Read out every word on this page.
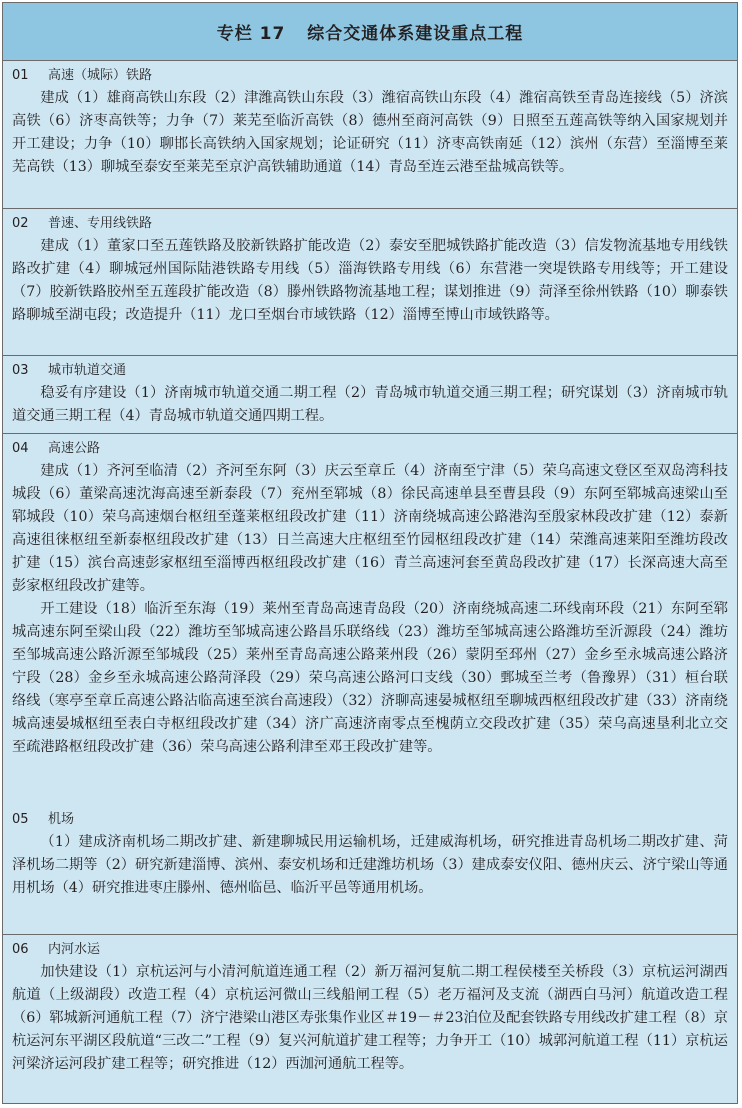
专栏 17 综合交通体系建设重点工程
01 高速（城际）铁路

建成（1）雄商高铁山东段（2）津潍高铁山东段（3）潍宿高铁山东段（4）潍宿高铁至青岛连接线（5）济滨高铁（6）济枣高铁等；力争（7）莱芜至临沂高铁（8）德州至商河高铁（9）日照至五莲高铁等纳入国家规划并开工建设；力争（10）聊邯长高铁纳入国家规划；论证研究（11）济枣高铁南延（12）滨州（东营）至淄博至莱芜高铁（13）聊城至泰安至莱芜至京沪高铁辅助通道（14）青岛至连云港至盐城高铁等。

02 普速、专用线铁路

建成（1）董家口至五莲铁路及胶新铁路扩能改造（2）泰安至肥城铁路扩能改造（3）信发物流基地专用线铁路改扩建（4）聊城冠州国际陆港铁路专用线（5）淄海铁路专用线（6）东营港一突堤铁路专用线等；开工建设（7）胶新铁路胶州至五莲段扩能改造（8）滕州铁路物流基地工程；谋划推进（9）菏泽至徐州铁路（10）聊泰铁路聊城至湖屯段；改造提升（11）龙口至烟台市域铁路（12）淄博至博山市域铁路等。

03 城市轨道交通

稳妥有序建设（1）济南城市轨道交通二期工程（2）青岛城市轨道交通三期工程；研究谋划（3）济南城市轨道交通三期工程（4）青岛城市轨道交通四期工程。

04 高速公路

建成（1）齐河至临清（2）齐河至东阿（3）庆云至章丘（4）济南至宁津（5）荣乌高速文登区至双岛湾科技城段（6）董梁高速沈海高速至新泰段（7）兖州至郓城（8）徐民高速单县至曹县段（9）东阿至郓城高速梁山至郓城段（10）荣乌高速烟台枢纽至蓬莱枢纽段改扩建（11）济南绕城高速公路港沟至殷家林段改扩建（12）泰新高速徂徕枢纽至新泰枢纽段改扩建（13）日兰高速大庄枢纽至竹园枢纽段改扩建（14）荣潍高速莱阳至潍坊段改扩建（15）滨台高速彭家枢纽至淄博西枢纽段改扩建（16）青兰高速河套至黄岛段改扩建（17）长深高速大高至彭家枢纽段改扩建等。

开工建设（18）临沂至东海（19）莱州至青岛高速青岛段（20）济南绕城高速二环线南环段（21）东阿至郓城高速东阿至梁山段（22）潍坊至邹城高速公路昌乐联络线（23）潍坊至邹城高速公路潍坊至沂源段（24）潍坊至邹城高速公路沂源至邹城段（25）莱州至青岛高速公路莱州段（26）蒙阴至邳州（27）金乡至永城高速公路济宁段（28）金乡至永城高速公路菏泽段（29）荣乌高速公路河口支线（30）鄄城至兰考（鲁豫界）（31）桓台联络线（寒亭至章丘高速公路沾临高速至滨台高速段）（32）济聊高速晏城枢纽至聊城西枢纽段改扩建（33）济南绕城高速晏城枢纽至表白寺枢纽段改扩建（34）济广高速济南零点至槐荫立交段改扩建（35）荣乌高速垦利北立交至疏港路枢纽段改扩建（36）荣乌高速公路利津至邓王段改扩建等。

05 机场

（1）建成济南机场二期改扩建、新建聊城民用运输机场，迁建威海机场，研究推进青岛机场二期改扩建、菏泽机场二期等（2）研究新建淄博、滨州、泰安机场和迁建潍坊机场（3）建成泰安仪阳、德州庆云、济宁梁山等通用机场（4）研究推进枣庄滕州、德州临邑、临沂平邑等通用机场。

06 内河水运

加快建设（1）京杭运河与小清河航道连通工程（2）新万福河复航二期工程侯楼至关桥段（3）京杭运河湖西航道（上级湖段）改造工程（4）京杭运河微山三线船闸工程（5）老万福河及支流（湖西白马河）航道改造工程（6）郓城新河通航工程（7）济宁港梁山港区寿张集作业区＃19－＃23泊位及配套铁路专用线改扩建工程（8）京杭运河东平湖区段航道“三改二”工程（9）复兴河航道扩建工程等；力争开工（10）城郭河航道工程（11）京杭运河梁济运河段扩建工程等；研究推进（12）西泇河通航工程等。
